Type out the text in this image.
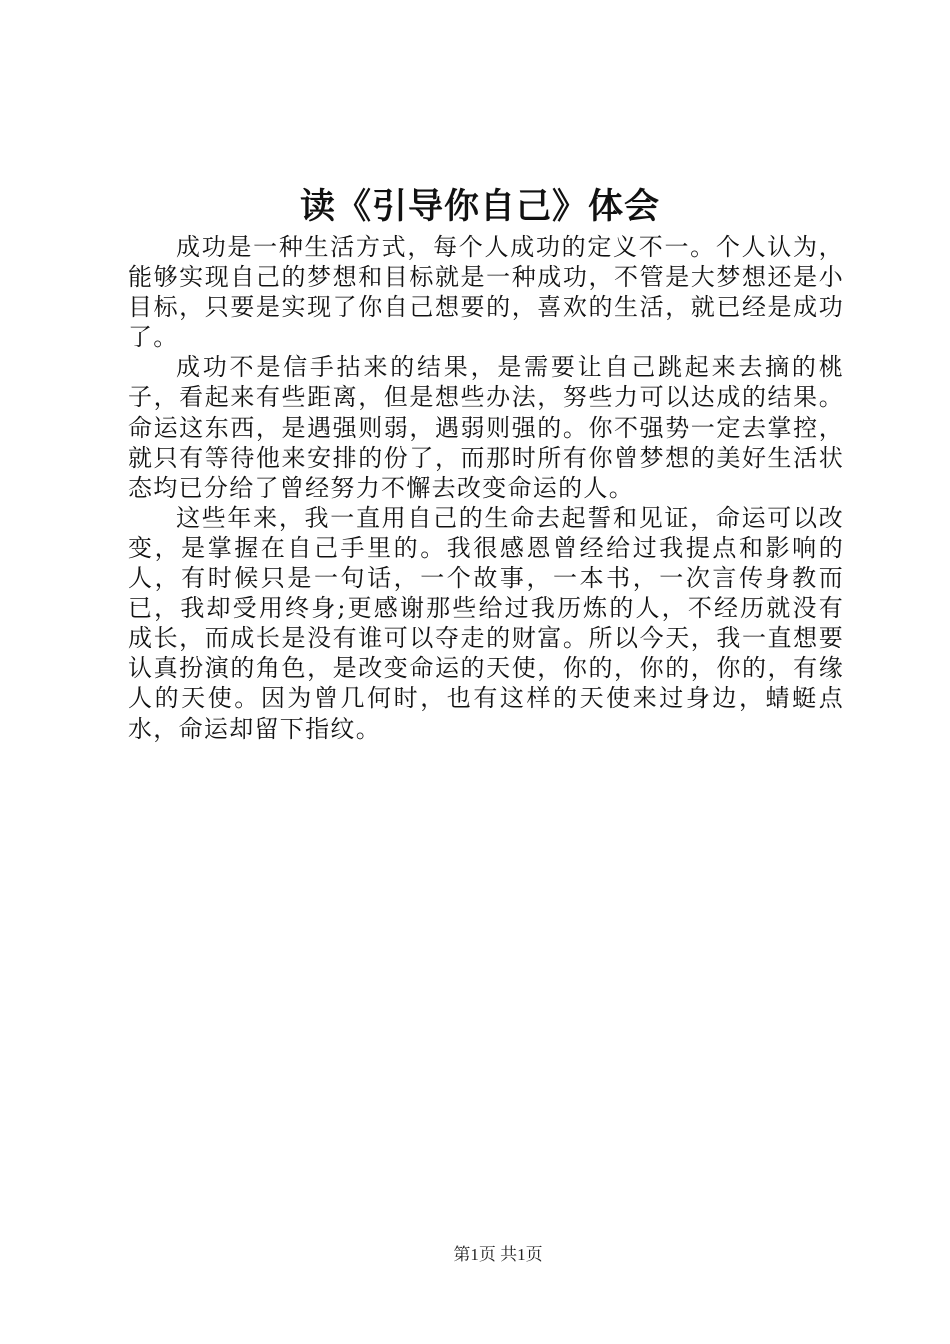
读《引导你自己》体会

成功是一种生活方式，每个人成功的定义不一。个人认为，能够实现自己的梦想和目标就是一种成功，不管是大梦想还是小目标，只要是实现了你自己想要的，喜欢的生活，就已经是成功了。

成功不是信手拈来的结果，是需要让自己跳起来去摘的桃子，看起来有些距离，但是想些办法，努些力可以达成的结果。命运这东西，是遇强则弱，遇弱则强的。你不强势一定去掌控，就只有等待他来安排的份了，而那时所有你曾梦想的美好生活状态均已分给了曾经努力不懈去改变命运的人。

这些年来，我一直用自己的生命去起誓和见证，命运可以改变，是掌握在自己手里的。我很感恩曾经给过我提点和影响的人，有时候只是一句话，一个故事，一本书，一次言传身教而已，我却受用终身;更感谢那些给过我历炼的人，不经历就没有成长，而成长是没有谁可以夺走的财富。所以今天，我一直想要认真扮演的角色，是改变命运的天使，你的，你的，你的，有缘人的天使。因为曾几何时，也有这样的天使来过身边，蜻蜓点水，命运却留下指纹。

第1页 共1页
